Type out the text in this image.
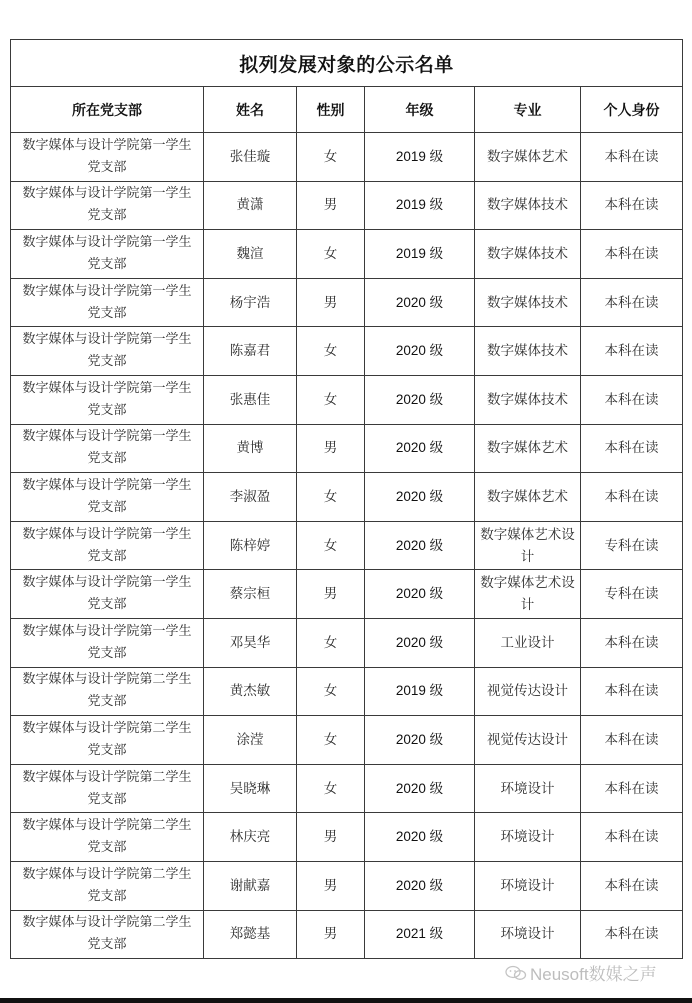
拟列发展对象的公示名单					
所在党支部	姓名	性别	年级	专业	个人身份
数字媒体与设计学院第一学生党支部	张佳璇	女	2019 级	数字媒体艺术	本科在读
数字媒体与设计学院第一学生党支部	黄潇	男	2019 级	数字媒体技术	本科在读
数字媒体与设计学院第一学生党支部	魏渲	女	2019 级	数字媒体技术	本科在读
数字媒体与设计学院第一学生党支部	杨宇浩	男	2020 级	数字媒体技术	本科在读
数字媒体与设计学院第一学生党支部	陈嘉君	女	2020 级	数字媒体技术	本科在读
数字媒体与设计学院第一学生党支部	张惠佳	女	2020 级	数字媒体技术	本科在读
数字媒体与设计学院第一学生党支部	黄博	男	2020 级	数字媒体艺术	本科在读
数字媒体与设计学院第一学生党支部	李淑盈	女	2020 级	数字媒体艺术	本科在读
数字媒体与设计学院第一学生党支部	陈梓婷	女	2020 级	数字媒体艺术设计	专科在读
数字媒体与设计学院第一学生党支部	蔡宗桓	男	2020 级	数字媒体艺术设计	专科在读
数字媒体与设计学院第一学生党支部	邓昊华	女	2020 级	工业设计	本科在读
数字媒体与设计学院第二学生党支部	黄杰敏	女	2019 级	视觉传达设计	本科在读
数字媒体与设计学院第二学生党支部	涂滢	女	2020 级	视觉传达设计	本科在读
数字媒体与设计学院第二学生党支部	吴晓琳	女	2020 级	环境设计	本科在读
数字媒体与设计学院第二学生党支部	林庆亮	男	2020 级	环境设计	本科在读
数字媒体与设计学院第二学生党支部	谢献嘉	男	2020 级	环境设计	本科在读
数字媒体与设计学院第二学生党支部	郑懿基	男	2021 级	环境设计	本科在读
Neusoft数媒之声
